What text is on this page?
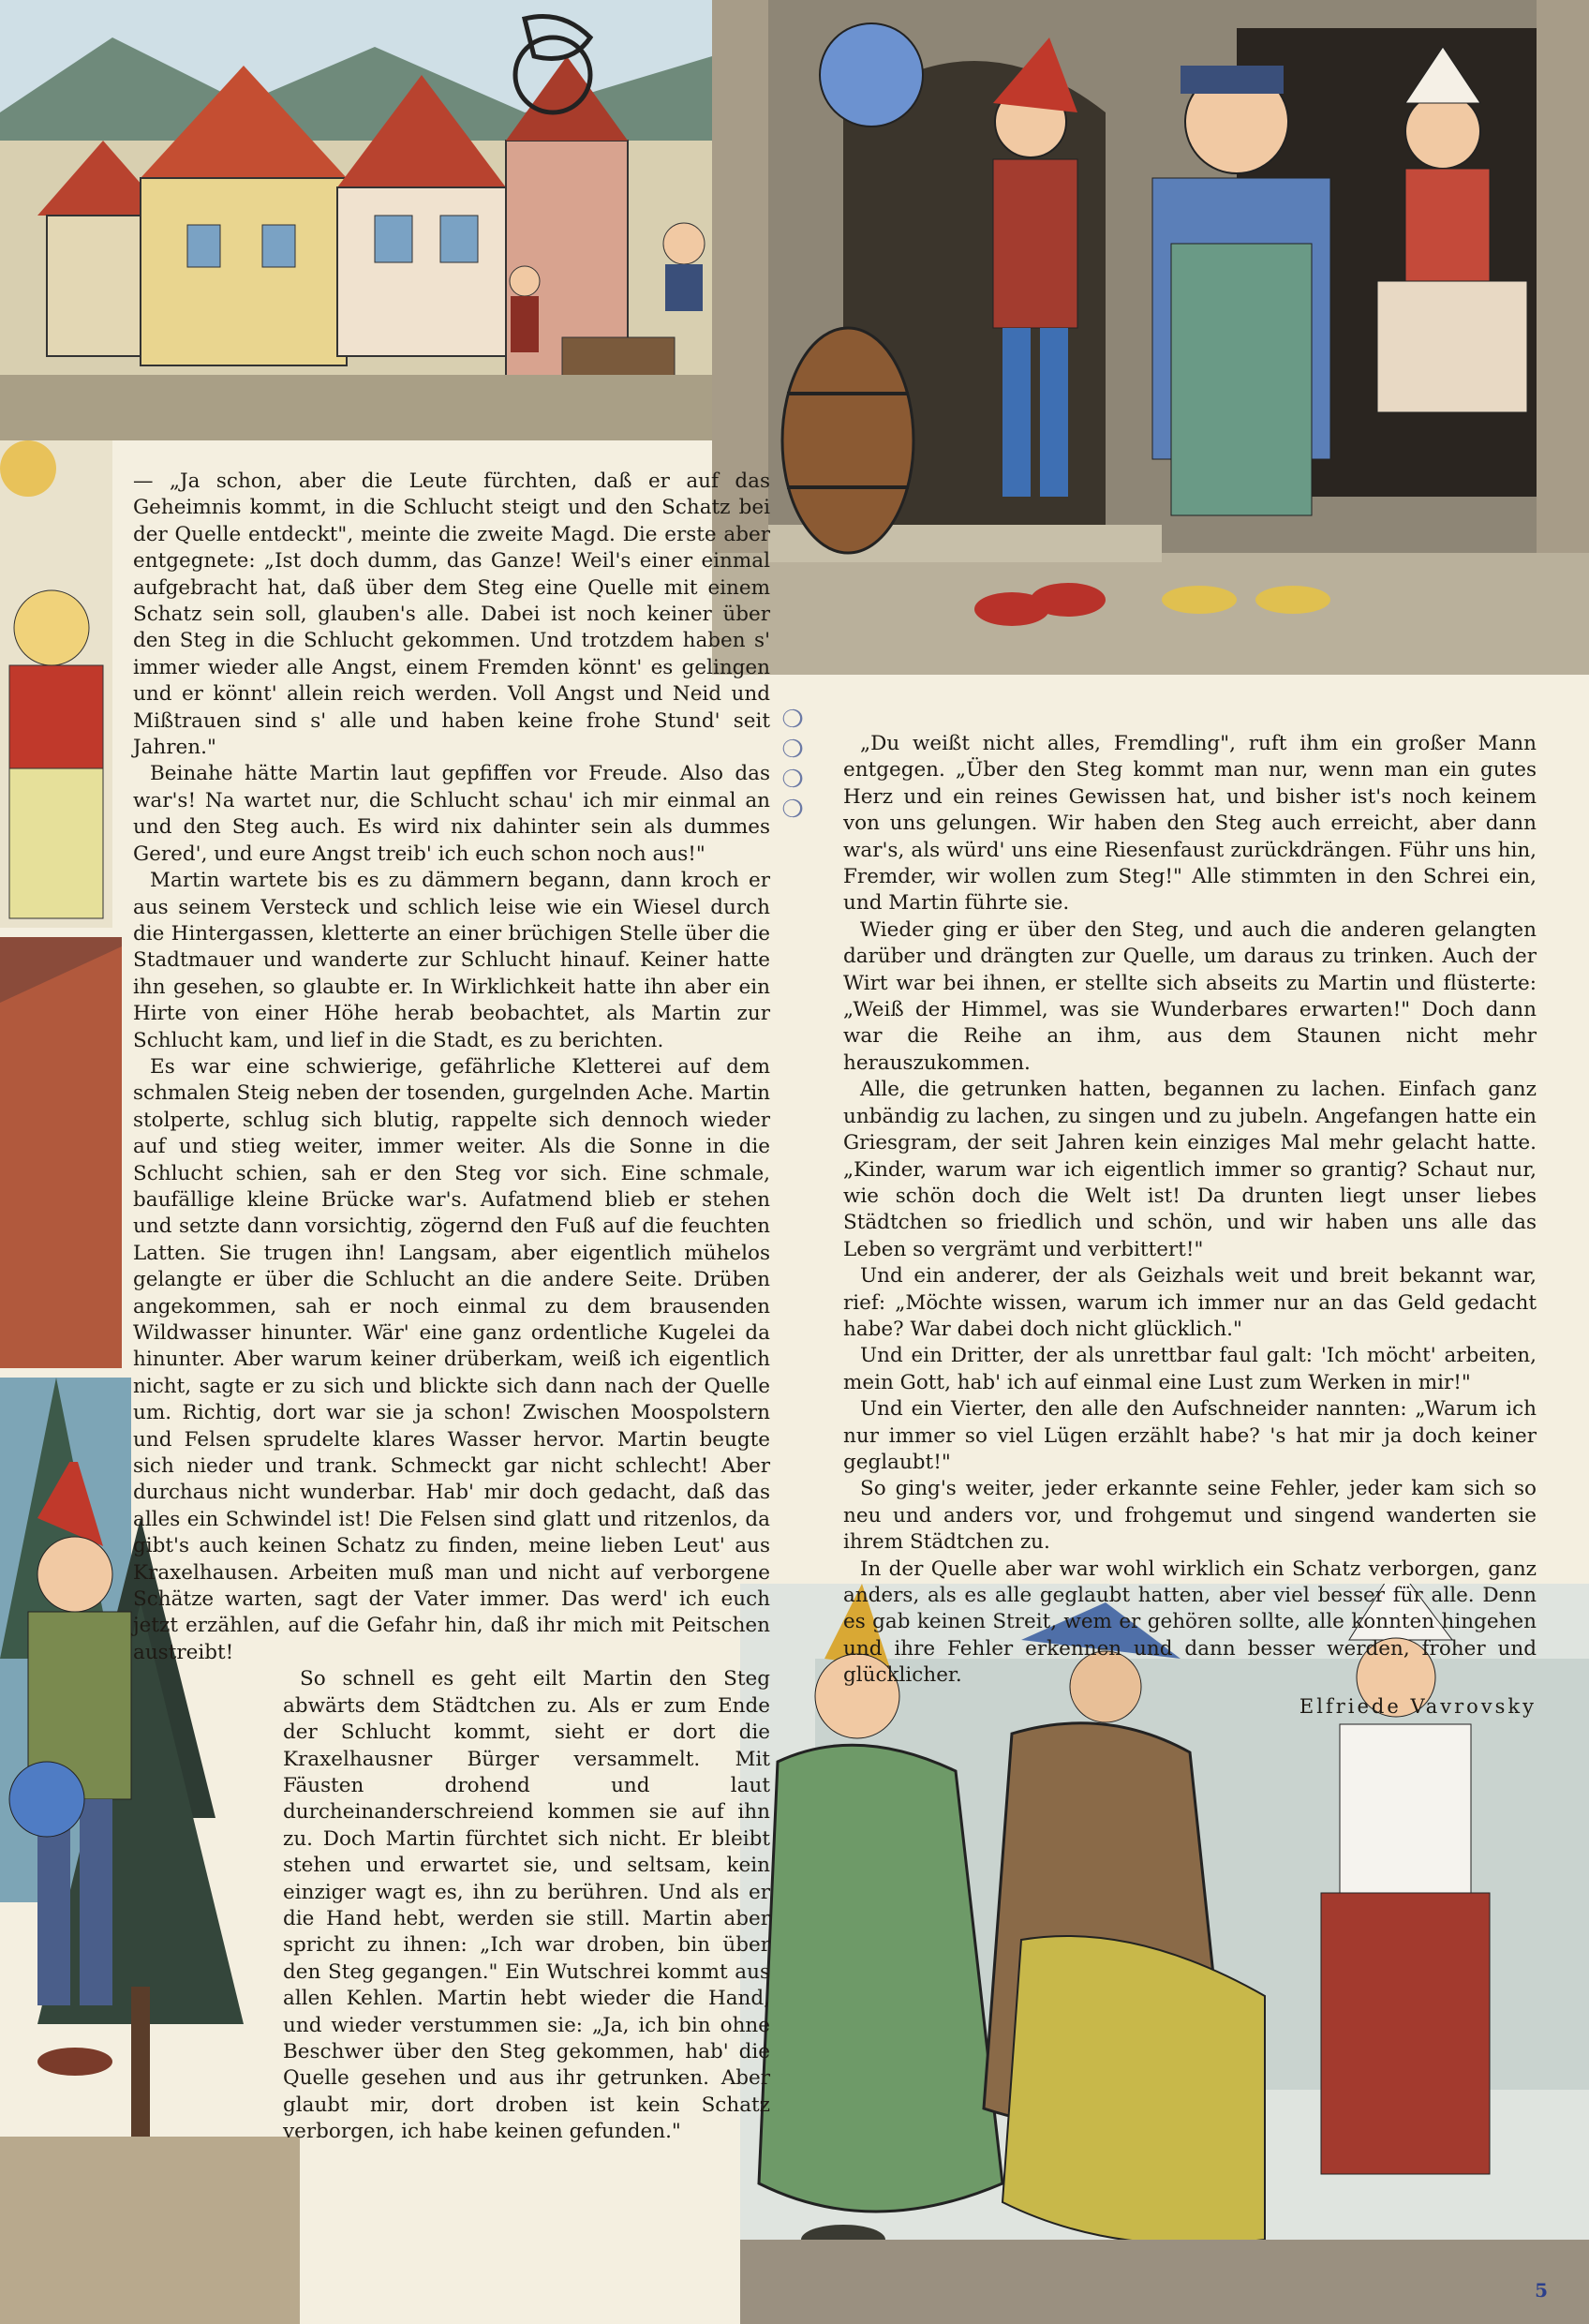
— „Ja schon, aber die Leute fürchten, daß er auf das Geheimnis kommt, in die Schlucht steigt und den Schatz bei der Quelle entdeckt", meinte die zweite Magd. Die erste aber entgegnete: „Ist doch dumm, das Ganze! Weil's einer einmal aufgebracht hat, daß über dem Steg eine Quelle mit einem Schatz sein soll, glauben's alle. Dabei ist noch keiner über den Steg in die Schlucht gekommen. Und trotzdem haben s' immer wieder alle Angst, einem Fremden könnt' es gelingen und er könnt' allein reich werden. Voll Angst und Neid und Mißtrauen sind s' alle und haben keine frohe Stund' seit Jahren."

Beinahe hätte Martin laut gepfiffen vor Freude. Also das war's! Na wartet nur, die Schlucht schau' ich mir einmal an und den Steg auch. Es wird nix dahinter sein als dummes Gered', und eure Angst treib' ich euch schon noch aus!"

Martin wartete bis es zu dämmern begann, dann kroch er aus seinem Versteck und schlich leise wie ein Wiesel durch die Hintergassen, kletterte an einer brüchigen Stelle über die Stadtmauer und wanderte zur Schlucht hinauf. Keiner hatte ihn gesehen, so glaubte er. In Wirklichkeit hatte ihn aber ein Hirte von einer Höhe herab beobachtet, als Martin zur Schlucht kam, und lief in die Stadt, es zu berichten.

Es war eine schwierige, gefährliche Kletterei auf dem schmalen Steig neben der tosenden, gurgelnden Ache. Martin stolperte, schlug sich blutig, rappelte sich dennoch wieder auf und stieg weiter, immer weiter. Als die Sonne in die Schlucht schien, sah er den Steg vor sich. Eine schmale, baufällige kleine Brücke war's. Aufatmend blieb er stehen und setzte dann vorsichtig, zögernd den Fuß auf die feuchten Latten. Sie trugen ihn! Langsam, aber eigentlich mühelos gelangte er über die Schlucht an die andere Seite. Drüben angekommen, sah er noch einmal zu dem brausenden Wildwasser hinunter. Wär' eine ganz ordentliche Kugelei da hinunter. Aber warum keiner drüberkam, weiß ich eigentlich nicht, sagte er zu sich und blickte sich dann nach der Quelle um. Richtig, dort war sie ja schon! Zwischen Moospolstern und Felsen sprudelte klares Wasser hervor. Martin beugte sich nieder und trank. Schmeckt gar nicht schlecht! Aber durchaus nicht wunderbar. Hab' mir doch gedacht, daß das alles ein Schwindel ist! Die Felsen sind glatt und ritzenlos, da gibt's auch keinen Schatz zu finden, meine lieben Leut' aus Kraxelhausen. Arbeiten muß man und nicht auf verborgene Schätze warten, sagt der Vater immer. Das werd' ich euch jetzt erzählen, auf die Gefahr hin, daß ihr mich mit Peitschen austreibt!

So schnell es geht eilt Martin den Steg abwärts dem Städtchen zu. Als er zum Ende der Schlucht kommt, sieht er dort die Kraxelhausner Bürger versammelt. Mit Fäusten drohend und laut durcheinanderschreiend kommen sie auf ihn zu. Doch Martin fürchtet sich nicht. Er bleibt stehen und erwartet sie, und seltsam, kein einziger wagt es, ihn zu berühren. Und als er die Hand hebt, werden sie still. Martin aber spricht zu ihnen: „Ich war droben, bin über den Steg gegangen." Ein Wutschrei kommt aus allen Kehlen. Martin hebt wieder die Hand, und wieder verstummen sie: „Ja, ich bin ohne Beschwer über den Steg gekommen, hab' die Quelle gesehen und aus ihr getrunken. Aber glaubt mir, dort droben ist kein Schatz verborgen, ich habe keinen gefunden."

❍
❍
❍
❍

„Du weißt nicht alles, Fremdling", ruft ihm ein großer Mann entgegen. „Über den Steg kommt man nur, wenn man ein gutes Herz und ein reines Gewissen hat, und bisher ist's noch keinem von uns gelungen. Wir haben den Steg auch erreicht, aber dann war's, als würd' uns eine Riesenfaust zurückdrängen. Führ uns hin, Fremder, wir wollen zum Steg!" Alle stimmten in den Schrei ein, und Martin führte sie.

Wieder ging er über den Steg, und auch die anderen gelangten darüber und drängten zur Quelle, um daraus zu trinken. Auch der Wirt war bei ihnen, er stellte sich abseits zu Martin und flüsterte: „Weiß der Himmel, was sie Wunderbares erwarten!" Doch dann war die Reihe an ihm, aus dem Staunen nicht mehr herauszukommen.

Alle, die getrunken hatten, begannen zu lachen. Einfach ganz unbändig zu lachen, zu singen und zu jubeln. Angefangen hatte ein Griesgram, der seit Jahren kein einziges Mal mehr gelacht hatte. „Kinder, warum war ich eigentlich immer so grantig? Schaut nur, wie schön doch die Welt ist! Da drunten liegt unser liebes Städtchen so friedlich und schön, und wir haben uns alle das Leben so vergrämt und verbittert!"

Und ein anderer, der als Geizhals weit und breit bekannt war, rief: „Möchte wissen, warum ich immer nur an das Geld gedacht habe? War dabei doch nicht glücklich."

Und ein Dritter, der als unrettbar faul galt: 'Ich möcht' arbeiten, mein Gott, hab' ich auf einmal eine Lust zum Werken in mir!"

Und ein Vierter, den alle den Aufschneider nannten: „Warum ich nur immer so viel Lügen erzählt habe? 's hat mir ja doch keiner geglaubt!"

So ging's weiter, jeder erkannte seine Fehler, jeder kam sich so neu und anders vor, und frohgemut und singend wanderten sie ihrem Städtchen zu.

In der Quelle aber war wohl wirklich ein Schatz verborgen, ganz anders, als es alle geglaubt hatten, aber viel besser für alle. Denn es gab keinen Streit, wem er gehören sollte, alle konnten hingehen und ihre Fehler erkennen und dann besser werden, froher und glücklicher.

Elfriede Vavrovsky
5
